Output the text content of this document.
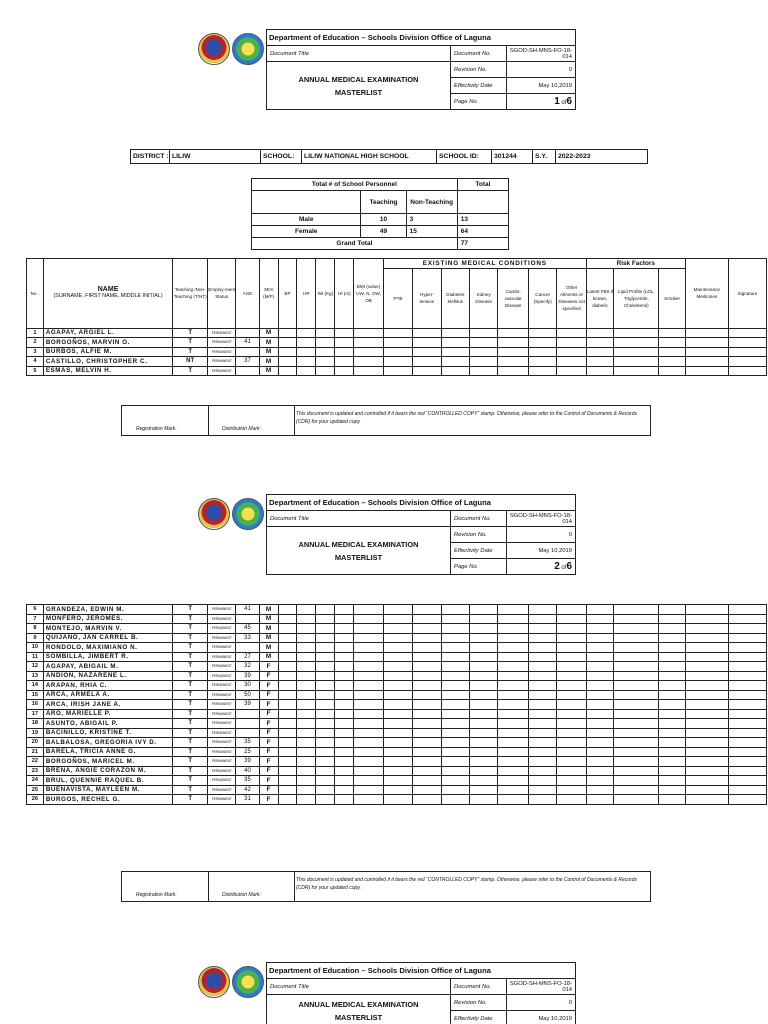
Department of Education – Schools Division Office of Laguna		
Document Title	Document No.	SGOD-SH-MNS-FO-18-014

ANNUAL MEDICAL EXAMINATION
MASTERLIST	Revision No.	0
	Effectivity Date	May 10,2019
	Page No.	1 of6
DISTRICT :	LILIW	SCHOOL:	LILIW NATIONAL HIGH SCHOOL	SCHOOL ID:	301244	S.Y.	2022-2023
Total # of School Personnel			Total
	Teaching	Non-Teaching	
Male	10	3	13
Female	49	15	64
Grand Total			77
No .	NAME
(SURNAME, FIRST NAME, MIDDLE INITIAL)	Teaching /Non-Teaching (T/NT)	Employ-ment Status	AGE	SEX (M/F)	BP	HR	Wt (Kg)	Ht (m)	BMI (value) UW, N, OW, OB	EXISTING MEDICAL CONDITIONS							Risk Factors			Maintenance Medicines	Signature
											PTB	Hyper-tension	Diabetes Mellitus	Kidney Disease	Cardio-vascular Disease	Cancer (Specify)	Other Ailments or Diseases not specified	Latest FBS if known, diabetic	Lipid Profile (LDL, Triglyceride, Cholesterol)	Smoker		
1	AGAPAY, ARGIEL L.	T	PERMANENT		M																	
2	BORGOÑOS, MARVIN O.	T	PERMANENT	41	M																	
3	BURBOS, ALFIE M.	T	PERMANENT		M																	
4	CASTILLO, CHRISTOPHER C.	NT	PERMANENT	37	M																	
5	ESMAS, MELVIN H.	T	PERMANENT		M																	
Registration Mark:	Distribution Mark:
This document is updated and controlled if it bears the red “CONTROLLED COPY” stamp. Otherwise, please refer to the Control of Documents & Records (CDR) for your updated copy.
Department of Education – Schools Division Office of Laguna		
Document Title	Document No.	SGOD-SH-MNS-FO-18-014

ANNUAL MEDICAL EXAMINATION
MASTERLIST	Revision No.	0
	Effectivity Date	May 10,2019
	Page No.	2 of6
6	GRANDEZA, EDWIN M.	T	PERMANENT	41	M																	
7	MONFERO, JEROMES.	T	PERMANENT		M																	
8	MONTEJO, MARVIN V.	T	PERMANENT	45	M																	
9	QUIJANO, JAN CARREL B.	T	PERMANENT	33	M																	
10	RONDOLO, MAXIMIANO N.	T	PERMANENT		M																	
11	SOMBILLA, JIMBERT R.	T	PERMANENT	27	M																	
12	AGAPAY, ABIGAIL M.	T	PERMANENT	32	F																	
13	ANDION, NAZARENE L.	T	PERMANENT	39	F																	
14	ARAPAN, RHIA C.	T	PERMANENT	30	F																	
15	ARCA, ARMELA A.	T	PERMANENT	50	F																	
16	ARCA, IRISH JANE A.	T	PERMANENT	39	F																	
17	ARO, MARIELLE P.	T	PERMANENT		F																	
18	ASUNTO, ABIGAIL P.	T	PERMANENT		F																	
19	BACINILLO, KRISTINE T.	T	PERMANENT		F																	
20	BALBALOSA, GREGORIA IVY D.	T	PERMANENT	35	F																	
21	BARELA, TRICIA ANNE G.	T	PERMANENT	25	F																	
22	BORGOÑOS, MARICEL M.	T	PERMANENT	39	F																	
23	BRENA, ANGIE CORAZON M.	T	PERMANENT	40	F																	
24	BRUL, QUENNIE RAQUEL B.	T	PERMANENT	35	F																	
25	BUENAVISTA, MAYLEEN M.	T	PERMANENT	42	F																	
26	BURGOS, RECHEL G.	T	PERMANENT	31	F																	
Registration Mark:	Distribution Mark:
This document is updated and controlled if it bears the red “CONTROLLED COPY” stamp. Otherwise, please refer to the Control of Documents & Records (CDR) for your updated copy.
Department of Education – Schools Division Office of Laguna		
Document Title	Document No.	SGOD-SH-MNS-FO-18-014

ANNUAL MEDICAL EXAMINATION
MASTERLIST	Revision No.	0
	Effectivity Date	May 10,2019
